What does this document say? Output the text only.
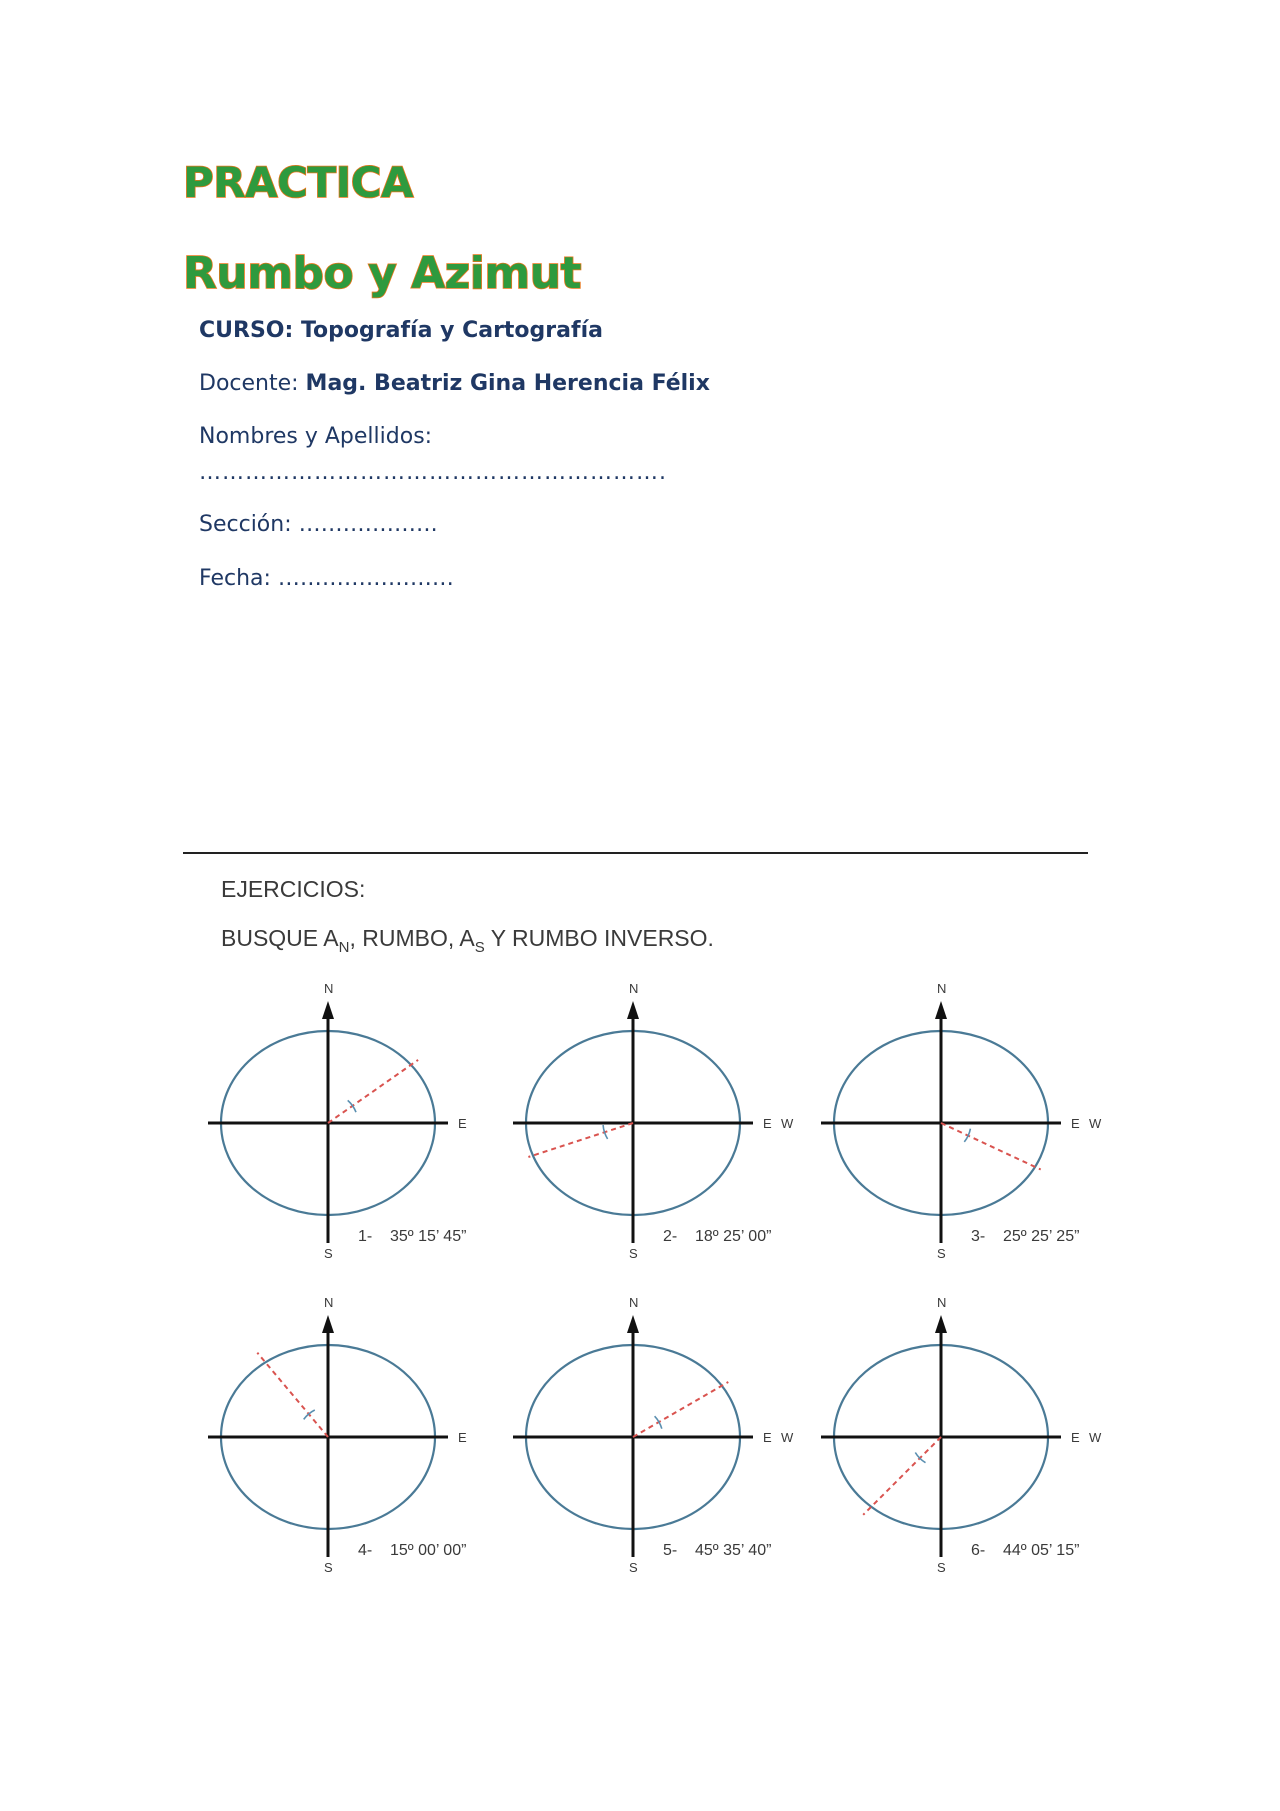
PRACTICA
Rumbo y Azimut
CURSO: Topografía y Cartografía
Docente: Mag. Beatriz Gina Herencia Félix
Nombres y Apellidos:
…………………………………………………….
Sección: ……………….
Fecha: ……………………
EJERCICIOS:
BUSQUE $A_N$, RUMBO, $A_S$ Y RUMBO INVERSO.
N
S
E
1- 35º 15’ 45”
N
S
E W
2- 18º 25’ 00”
N
S
E W
3- 25º 25’ 25”
N
S
E
4- 15º 00’ 00”
N
S
E W
5- 45º 35’ 40”
N
S
E W
6- 44º 05’ 15”
